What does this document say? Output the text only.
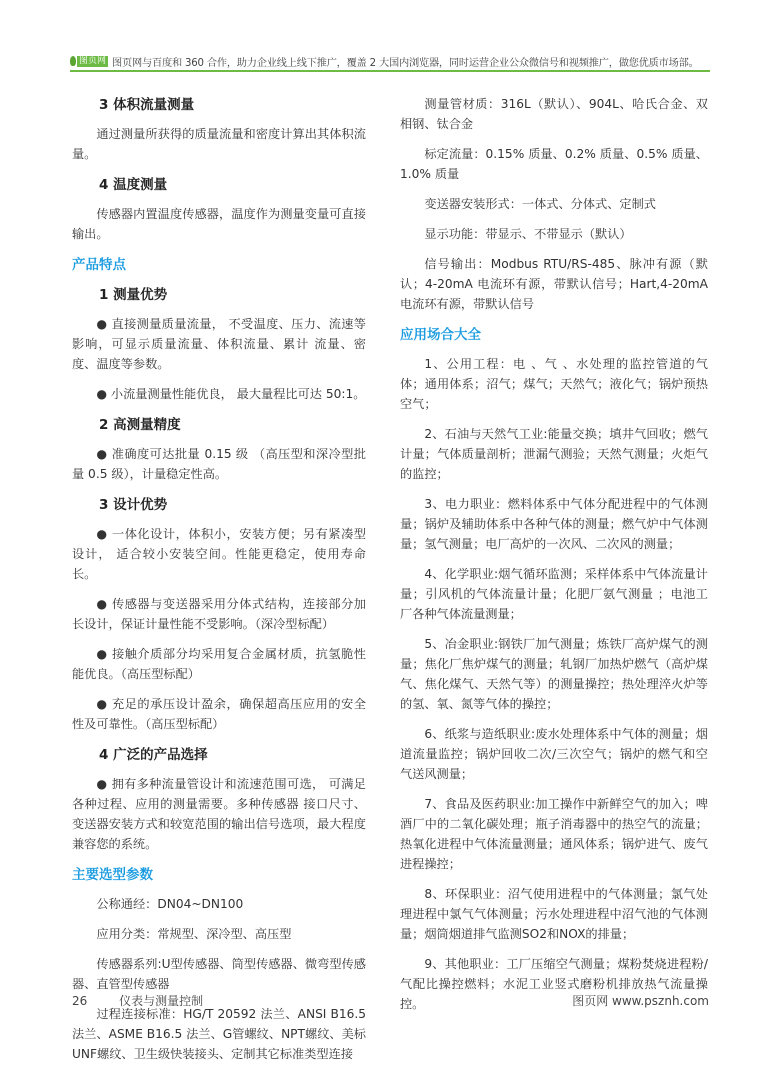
图页网 图页网与百度和 360 合作，助力企业线上线下推广，覆盖 2 大国内浏览器，同时运营企业公众微信号和视频推广，做您优质市场部。
3 体积流量测量

通过测量所获得的质量流量和密度计算出其体积流量。

4 温度测量

传感器内置温度传感器，温度作为测量变量可直接输出。

产品特点
1 测量优势

● 直接测量质量流量， 不受温度、压力、流速等影响，可显示质量流量、体积流量、累计 流量、密度、温度等参数。

● 小流量测量性能优良， 最大量程比可达 50:1。

2 高测量精度

● 准确度可达批量 0.15 级 （高压型和深冷型批量 0.5 级），计量稳定性高。

3 设计优势

● 一体化设计，体积小，安装方便；另有紧凑型设计， 适合较小安装空间。性能更稳定，使用寿命长。

● 传感器与变送器采用分体式结构，连接部分加长设计，保证计量性能不受影响。（深冷型标配）

● 接触介质部分均采用复合金属材质，抗氢脆性能优良。（高压型标配）

● 充足的承压设计盈余，确保超高压应用的安全性及可靠性。（高压型标配）

4 广泛的产品选择

● 拥有多种流量管设计和流速范围可选， 可满足各种过程、应用的测量需要。多种传感器 接口尺寸、变送器安装方式和较宽范围的输出信号选项，最大程度兼容您的系统。

主要选型参数

公称通经：DN04~DN100

应用分类：常规型、深冷型、高压型

传感器系列:U型传感器、筒型传感器、微弯型传感器、直管型传感器

过程连接标准：HG/T 20592 法兰、ANSI B16.5 法兰、ASME B16.5 法兰、G管螺纹、NPT螺纹、美标UNF螺纹、卫生级快装接头、定制其它标准类型连接

测量管材质：316L（默认）、904L、哈氏合金、双相钢、钛合金

标定流量：0.15% 质量、0.2% 质量、0.5% 质量、1.0% 质量

变送器安装形式：一体式、分体式、定制式

显示功能：带显示、不带显示（默认）

信号输出：Modbus RTU/RS-485、脉冲有源（默认；4-20mA 电流环有源，带默认信号；Hart,4-20mA 电流环有源，带默认信号

应用场合大全

1、公用工程：电 、气 、水处理的监控管道的气体；通用体系；沼气；煤气；天然气；液化气；锅炉预热空气；

2、石油与天然气工业:能量交换；填井气回收；燃气计量；气体质量剖析；泄漏气测验；天然气测量；火炬气的监控；

3、电力职业：燃料体系中气体分配进程中的气体测量；锅炉及辅助体系中各种气体的测量；燃气炉中气体测量；氢气测量；电厂高炉的一次风、二次风的测量；

4、化学职业:烟气循环监测；采样体系中气体流量计量；引风机的气体流量计量；化肥厂氨气测量 ；电池工厂各种气体流量测量；

5、冶金职业:钢铁厂加气测量；炼铁厂高炉煤气的测量；焦化厂焦炉煤气的测量；轧钢厂加热炉燃气（高炉煤气、焦化煤气、天然气等）的测量操控；热处理淬火炉等的氢、氧、氮等气体的操控；

6、纸浆与造纸职业:废水处理体系中气体的测量；烟道流量监控；锅炉回收二次/三次空气；锅炉的燃气和空气送风测量；

7、食品及医药职业:加工操作中新鲜空气的加入；啤酒厂中的二氧化碳处理；瓶子消毒器中的热空气的流量；热氧化进程中气体流量测量；通风体系；锅炉进气、废气进程操控；

8、环保职业：沼气使用进程中的气体测量；氯气处理进程中氯气气体测量；污水处理进程中沼气池的气体测量；烟筒烟道排气监测SO2和NOX的排量；

9、其他职业：工厂压缩空气测量；煤粉焚烧进程粉/气配比操控燃料；水泥工业竖式磨粉机排放热气流量操控。

26	仪表与测量控制	图页网 www.psznh.com
